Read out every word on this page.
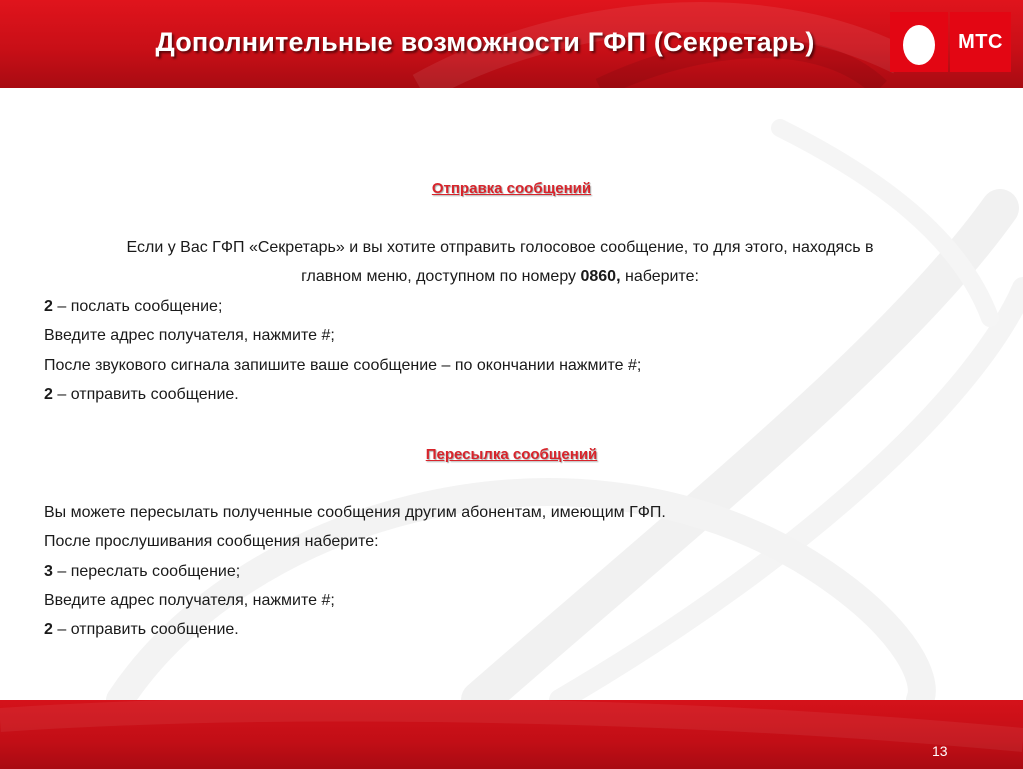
Дополнительные возможности ГФП (Секретарь)	МТС
Отправка сообщений
Если у Вас ГФП «Секретарь» и вы хотите отправить голосовое сообщение, то для этого, находясь в
главном меню, доступном по номеру 0860, наберите:
2 – послать сообщение;
Введите адрес получателя, нажмите #;
После звукового сигнала запишите ваше сообщение – по окончании нажмите #;
2 – отправить сообщение.
Пересылка сообщений
Вы можете пересылать полученные сообщения другим абонентам, имеющим ГФП.
После прослушивания сообщения наберите:
3 – переслать сообщение;
Введите адрес получателя, нажмите #;
2 – отправить сообщение.
13
